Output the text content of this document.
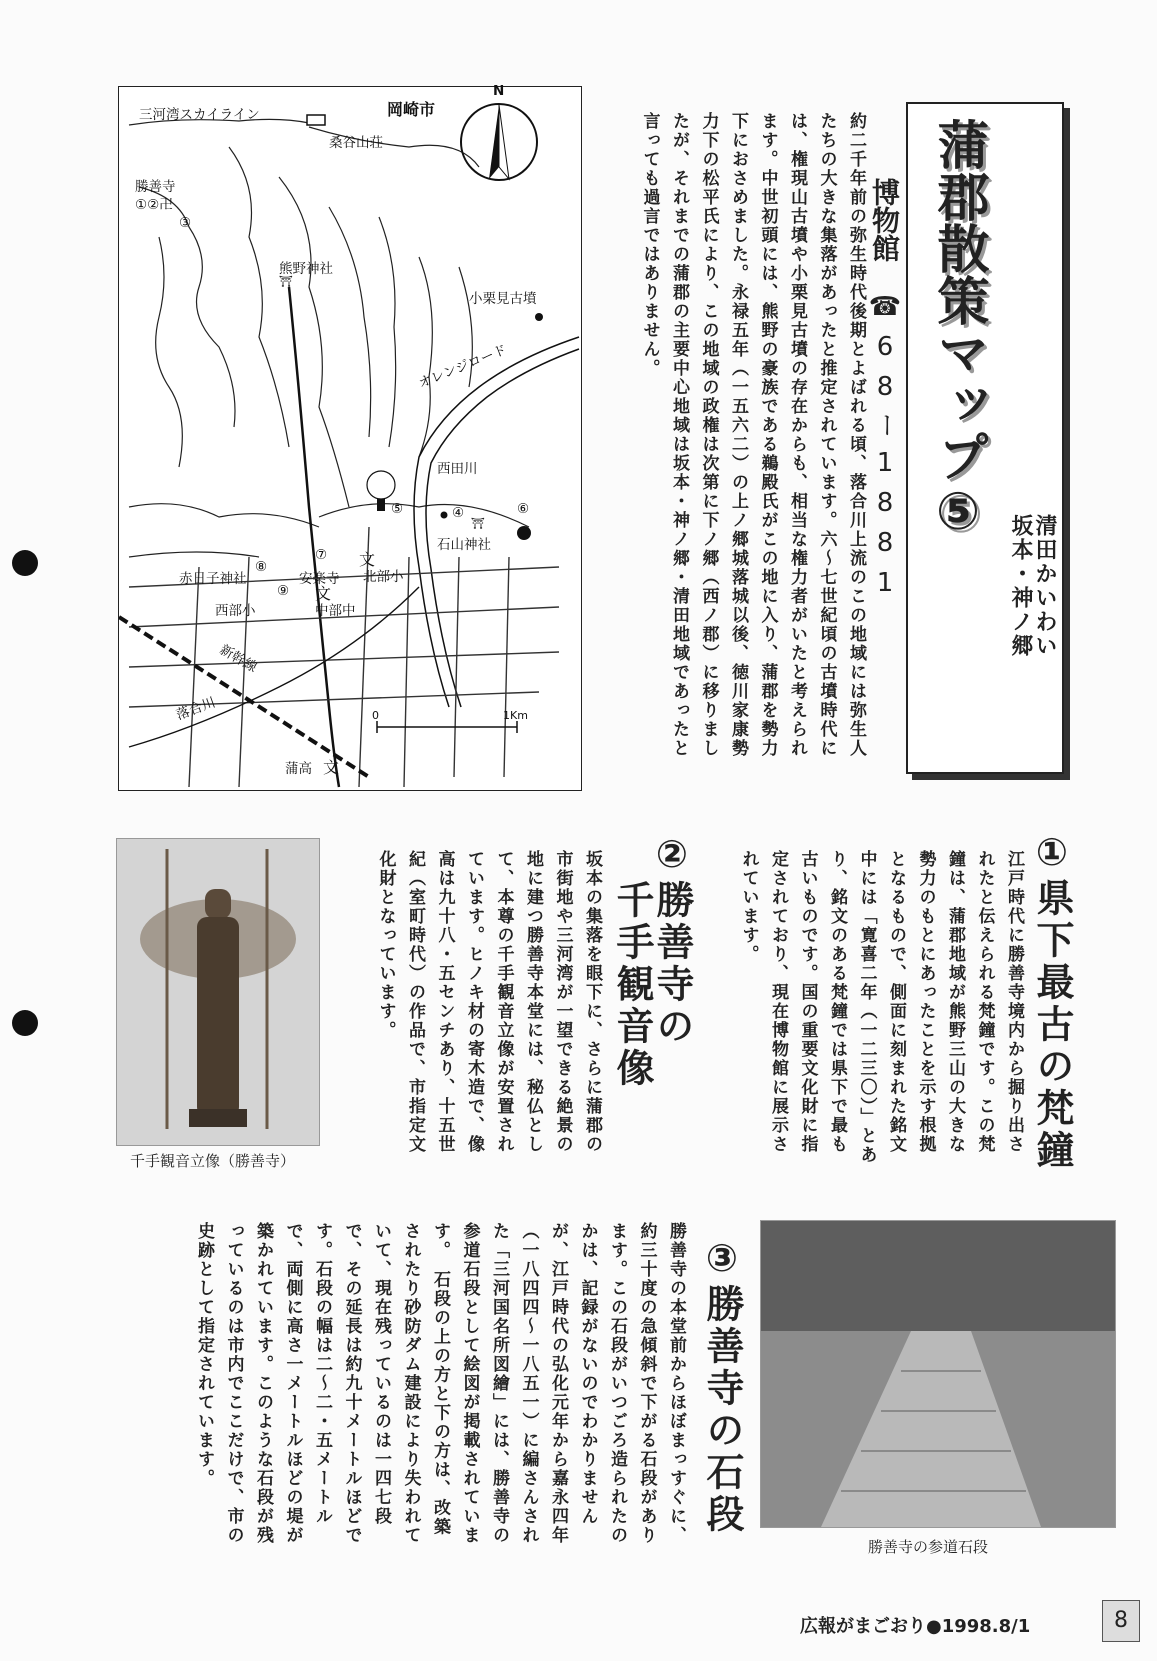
三河湾スカイライン	岡崎市
N
桑谷山荘
勝善寺
①②卍
③
熊野神社
⛩
小栗見古墳
オレンジロード
西田川
⑤	④	⑥
⛩
石山神社
⑦ 文
北部小
⑧
赤日子神社	安楽寺
⑨ 文
中部中
西部小
新幹線
落合川	0	1Km
蒲高 文
約二千年前の弥生時代後期とよばれる頃、落合川上流のこの地域には弥生人たちの大きな集落があったと推定されています。六〜七世紀頃の古墳時代には、権現山古墳や小栗見古墳の存在からも、相当な権力者がいたと考えられます。中世初頭には、熊野の豪族である鵜殿氏がこの地に入り、蒲郡を勢力下におさめました。永禄五年（一五六二）の上ノ郷城落城以後、徳川家康勢力下の松平氏により、この地域の政権は次第に下ノ郷（西ノ郡）に移りましたが、それまでの蒲郡の主要中心地域は坂本・神ノ郷・清田地域であったと言っても過言ではありません。	蒲郡散策マップ⑤
坂本・神ノ郷 清田かいわい
博物館
☎68ー1881
①県下最古の梵鐘
江戸時代に勝善寺境内から掘り出されたと伝えられる梵鐘です。この梵鐘は、蒲郡地域が熊野三山の大きな勢力のもとにあったことを示す根拠となるもので、側面に刻まれた銘文中には「寛喜二年（一二三〇）」とあり、銘文のある梵鐘では県下で最も古いものです。国の重要文化財に指定されており、現在博物館に展示されています。
②勝善寺の
千手観音像
坂本の集落を眼下に、さらに蒲郡の市街地や三河湾が一望できる絶景の地に建つ勝善寺本堂には、秘仏として、本尊の千手観音立像が安置されています。ヒノキ材の寄木造で、像高は九十八・五センチあり、十五世紀（室町時代）の作品で、市指定文化財となっています。
千手観音立像（勝善寺）
勝善寺の参道石段
③勝善寺の石段
勝善寺の本堂前からほぼまっすぐに、約三十度の急傾斜で下がる石段があります。この石段がいつごろ造られたのかは、記録がないのでわかりませんが、江戸時代の弘化元年から嘉永四年（一八四四〜一八五一）に編さんされた「三河国名所図繪」には、勝善寺の参道石段として絵図が掲載されています。　石段の上の方と下の方は、改築されたり砂防ダム建設により失われていて、現在残っているのは一四七段で、その延長は約九十メートルほどです。石段の幅は二〜二・五メートルで、両側に高さ一メートルほどの堤が築かれています。このような石段が残っているのは市内でここだけで、市の史跡として指定されています。
広報がまごおり●1998.8/1	8
